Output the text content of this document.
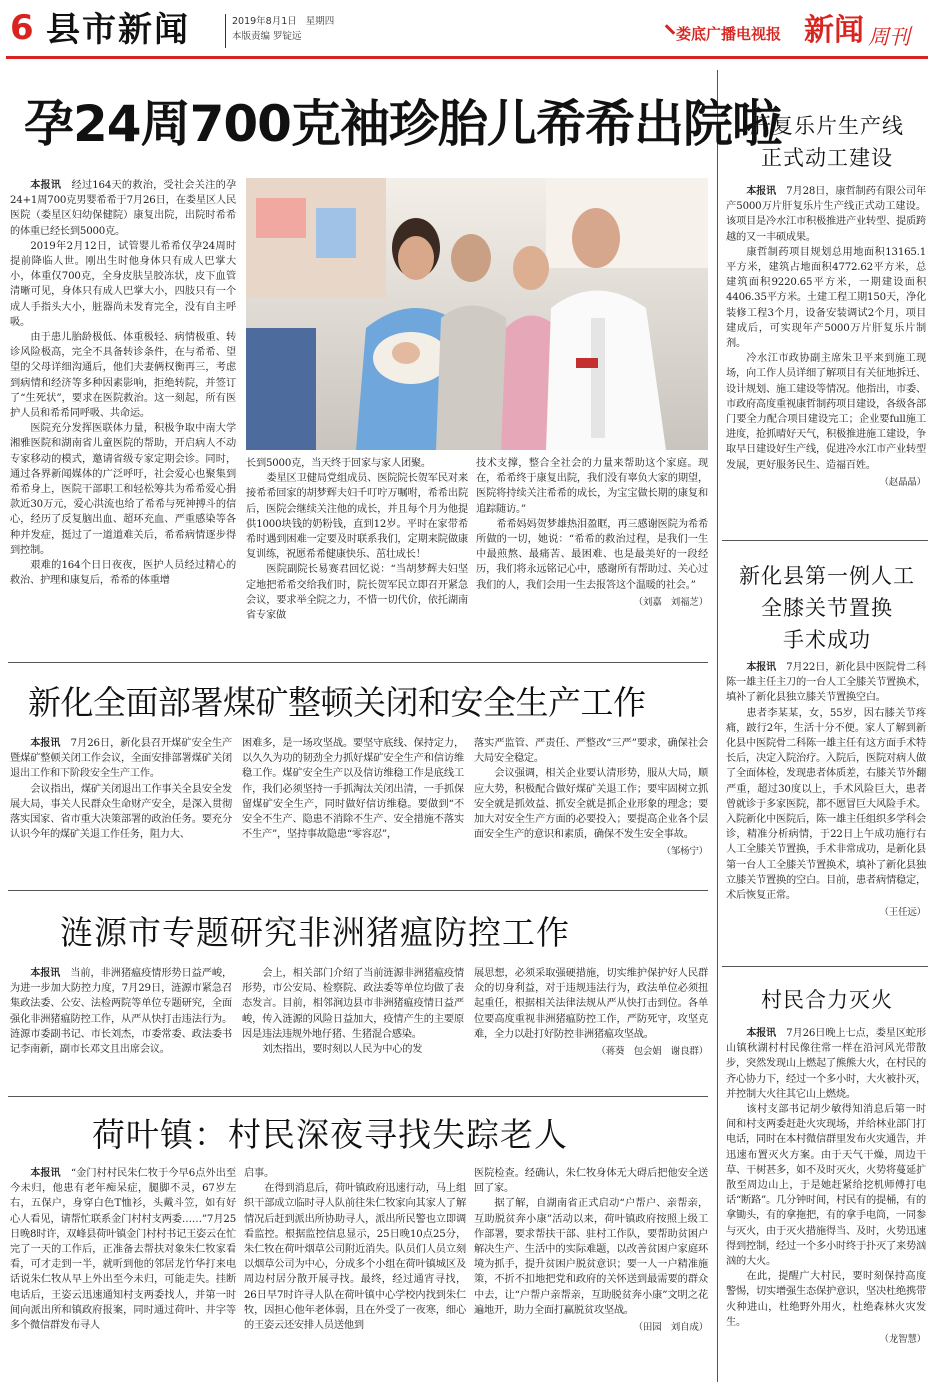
6 县市新闻	2019年8月1日 星期四
本版责编 罗锭远	娄底广播电视报 新闻 周刊
孕24周700克袖珍胎儿希希出院啦

本报讯　 经过164天的救治，受社会关注的孕24+1周700克男婴希希于7月26日，在娄星区人民医院（娄星区妇幼保健院）康复出院，出院时希希的体重已经长到5000克。

2019年2月12日，试管婴儿希希仅孕24周时提前降临人世。刚出生时他身体只有成人巴掌大小，体重仅700克，全身皮肤呈胶冻状，皮下血管清晰可见，身体只有成人巴掌大小，四肢只有一个成人手指头大小，脏器尚未发育完全，没有自主呼吸。

由于患儿胎龄极低、体重极轻、病情极重、转诊风险极高，完全不具备转诊条件，在与希希、望望的父母详细沟通后，他们夫妻俩权衡再三，考虑到病情和经济等多种因素影响，拒绝转院，并签订了“生死状”，要求在医院救治。这一刻起，所有医护人员和希希同呼吸、共命运。

医院充分发挥医联体力量，积极争取中南大学湘雅医院和湖南省儿童医院的帮助，开启病人不动专家移动的模式，邀请省级专家定期会诊。同时，通过各界新闻媒体的广泛呼吁，社会爱心也聚集到希希身上，医院干部职工和轻松筹共为希希爱心捐款近30万元，爱心洪流也给了希希与死神搏斗的信心，经历了反复脑出血、超环充血、严重感染等各种并发症，挺过了一道道难关后，希希病情逐步得到控制。

艰难的164个日日夜夜，医护人员经过精心的救治、护理和康复后，希希的体重增

长到5000克，当天终于回家与家人团聚。

娄星区卫健局党组成员、医院院长贺军民对来接希希回家的胡梦辉夫妇千叮咛万嘱咐，希希出院后，医院会继续关注他的成长，并且每个月为他提供1000块钱的奶粉钱，直到12岁。平时在家带希希时遇到困难一定要及时联系我们，定期来院做康复训练，祝愿希希健康快乐、茁壮成长！

医院副院长易赛君回忆说：“当胡梦辉夫妇坚定地把希希交给我们时，院长贺军民立即召开紧急会议，要求举全院之力，不惜一切代价，依托湖南省专家做

技术支撑，整合全社会的力量来帮助这个家庭。现在，希希终于康复出院，我们没有辜负大家的期望，医院将持续关注希希的成长，为宝宝做长期的康复和追踪随访。”

希希妈妈贺梦雄热泪盈眶，再三感谢医院为希希所做的一切，她说：“希希的救治过程，是我们一生中最煎熬、最痛苦、最困难、也是最美好的一段经历，我们将永远铭记心中，感谢所有帮助过、关心过我们的人，我们会用一生去报答这个温暖的社会。”

（刘嘉　刘福芝）
新化全面部署煤矿整顿关闭和安全生产工作

本报讯　 7月26日，新化县召开煤矿安全生产暨煤矿整顿关闭工作会议，全面安排部署煤矿关闭退出工作和下阶段安全生产工作。

会议指出，煤矿关闭退出工作事关全县安全发展大局，事关人民群众生命财产安全，是深入贯彻落实国家、省市重大决策部署的政治任务。要充分认识今年的煤矿关退工作任务，阻力大、

困难多，是一场攻坚战。要坚守底线、保持定力，以久久为功的韧劲全力抓好煤矿安全生产和信访维稳工作。煤矿安全生产以及信访维稳工作是底线工作，我们必须坚持一手抓淘汰关闭出清，一手抓保留煤矿安全生产，同时做好信访维稳。要做到“不安全不生产、隐患不消除不生产、安全措施不落实不生产”，坚持事故隐患“零容忍”，

落实严监管、严责任、严整改“三严”要求，确保社会大局安全稳定。

会议强调，相关企业要认清形势，服从大局，顺应大势，积极配合做好煤矿关退工作；要牢固树立抓安全就是抓效益、抓安全就是抓企业形象的理念；要加大对安全生产方面的必要投入；要提高企业各个层面安全生产的意识和素质，确保不发生安全事故。

（邹杨宁）
涟源市专题研究非洲猪瘟防控工作

本报讯　 当前，非洲猪瘟疫情形势日益严峻，为进一步加大防控力度，7月29日，涟源市紧急召集政法委、公安、法检两院等单位专题研究，全面强化非洲猪瘟防控工作，从严从快打击违法行为。涟源市委副书记、市长刘杰，市委常委、政法委书记李南新，副市长邓文且出席会议。

会上，相关部门介绍了当前涟源非洲猪瘟疫情形势，市公安局、检察院、政法委等单位均做了表态发言。目前，相邻涧边县市非洲猪瘟疫情日益严峻，传入涟源的风险日益加大，疫情产生的主要原因是违法违规外地仔猪、生猪混合感染。

刘杰指出，要时刻以人民为中心的发

展思想，必须采取强硬措施，切实维护保护好人民群众的切身利益，对于违规违法行为，政法单位必须扭起重任，根据相关法律法规从严从快打击到位。各单位要高度重视非洲猪瘟防控工作，严防死守，攻坚克难，全力以赴打好防控非洲猪瘟攻坚战。

（蒋葵　包会娟　谢良群）
荷叶镇：村民深夜寻找失踪老人

本报讯　 “金门村村民朱仁牧于今早6点外出至今未归，他患有老年痴呆症，腿脚不灵，67岁左右，五保户，身穿白色T恤衫，头戴斗笠，如有好心人看见，请帮忙联系金门村村支两委……”7月25日晚8时许，双峰县荷叶镇金门村村书记王姿云在忙完了一天的工作后，正准备去帮扶对象朱仁牧家看看，可才走到一半，就听到他的邻居龙竹华打来电话说朱仁牧从早上外出至今未归，可能走失。挂断电话后，王姿云迅速通知村支两委找人，并第一时间向派出所和镇政府报案，同时通过荷叶、井字等多个微信群发布寻人

启事。

在得到消息后，荷叶镇政府迅速行动，马上组织干部成立临时寻人队前往朱仁牧家向其家人了解情况后赶到派出所协助寻人，派出所民警也立即调看监控。根据监控信息显示，25日晚10点25分，朱仁牧在荷叶烟草公司附近消失。队员们人员立刻以烟草公司为中心，分成多个小组在荷叶镇城区及周边村居分散开展寻找。最终，经过通宵寻找，26日早7时许寻人队在荷叶镇中心学校内找到朱仁牧，因担心他年老体弱，且在外受了一夜寒，细心的王姿云还安排人员送他到

医院检查。经确认，朱仁牧身体无大碍后把他安全送回了家。

据了解，自湖南省正式启动“户帮户、亲帮亲，互助脱贫奔小康”活动以来，荷叶镇政府按照上级工作部署，要求帮扶干部、驻村工作队，要帮助贫困户解决生产、生活中的实际难题，以改善贫困户家庭环境为抓手，提升贫困户脱贫意识；要一人一户精准施策，不折不扣地把党和政府的关怀送到最需要的群众中去，让“户帮户亲帮亲，互助脱贫奔小康”文明之花遍地开，助力全面打赢脱贫攻坚战。

（田园　刘自成）
肝复乐片生产线
正式动工建设

本报讯　 7月28日，康哲制药有限公司年产5000万片肝复乐片生产线正式动工建设。该项目是冷水江市积极推进产业转型、提质跨越的又一丰硕成果。

康哲制药项目规划总用地面积13165.1平方米，建筑占地面积4772.62平方米，总建筑面积9220.65平方米，一期建设面积4406.35平方米。土建工程工期150天，净化装修工程3个月，设备安装调试2个月，项目建成后，可实现年产5000万片肝复乐片制剂。

冷水江市政协副主席朱卫平来到施工现场，向工作人员详细了解项目有关征地拆迁、设计规划、施工建设等情况。他指出，市委、市政府高度重视康哲制药项目建设，各级各部门要全力配合项目建设完工；企业要full施工进度，抢抓晴好天气，积极推进施工建设，争取早日建设好生产线，促进冷水江市产业转型发展，更好服务民生、造福百姓。

（赵晶晶）
新化县第一例人工
全膝关节置换
手术成功

本报讯　 7月22日，新化县中医院骨二科陈一雄主任主刀的一台人工全膝关节置换术，填补了新化县独立膝关节置换空白。

患者李某某，女，55岁，因右膝关节疼痛，跛行2年，生活十分不便。家人了解到新化县中医院骨二科陈一雄主任有这方面手术特长后，决定入院治疗。入院后，医院对病人做了全面体检，发现患者体质差，右膝关节外翻严重，超过30度以上，手术风险巨大，患者曾就诊于多家医院，都不愿冒巨大风险手术。入院新化中医院后，陈一雄主任组织多学科会诊，精准分析病情，于22日上午成功施行右人工全膝关节置换，手术非常成功，是新化县第一台人工全膝关节置换术，填补了新化县独立膝关节置换的空白。目前，患者病情稳定，术后恢复正常。

（王任远）
村民合力灭火

本报讯　 7月26日晚上七点，娄星区蛇形山镇秋湖村村民像往常一样在沿河风光带散步，突然发现山上燃起了熊熊大火，在村民的齐心协力下，经过一个多小时，大火被扑灭，并控制大火往其它山上燃烧。

该村支部书记胡少敏得知消息后第一时间和村支两委赶赴火灾现场，并给林业部门打电话，同时在本村微信群里发布火灾通告，并迅速布置灭火方案。由于天气干燥，周边干草、干树甚多，如不及时灭火，火势将蔓延扩散至周边山上，于是她赶紧给挖机师傅打电话“断路”。几分钟时间，村民有的提桶，有的拿锄头，有的拿拖把，有的拿手电筒，一同参与灭火，由于灭火措施得当、及时，火势迅速得到控制，经过一个多小时终于扑灭了来势汹汹的大火。

在此，提醒广大村民，要时刻保持高度警惕，切实增强生态保护意识，坚决杜绝携带火种进山，杜绝野外用火，杜绝森林火灾发生。

（龙智慧）
